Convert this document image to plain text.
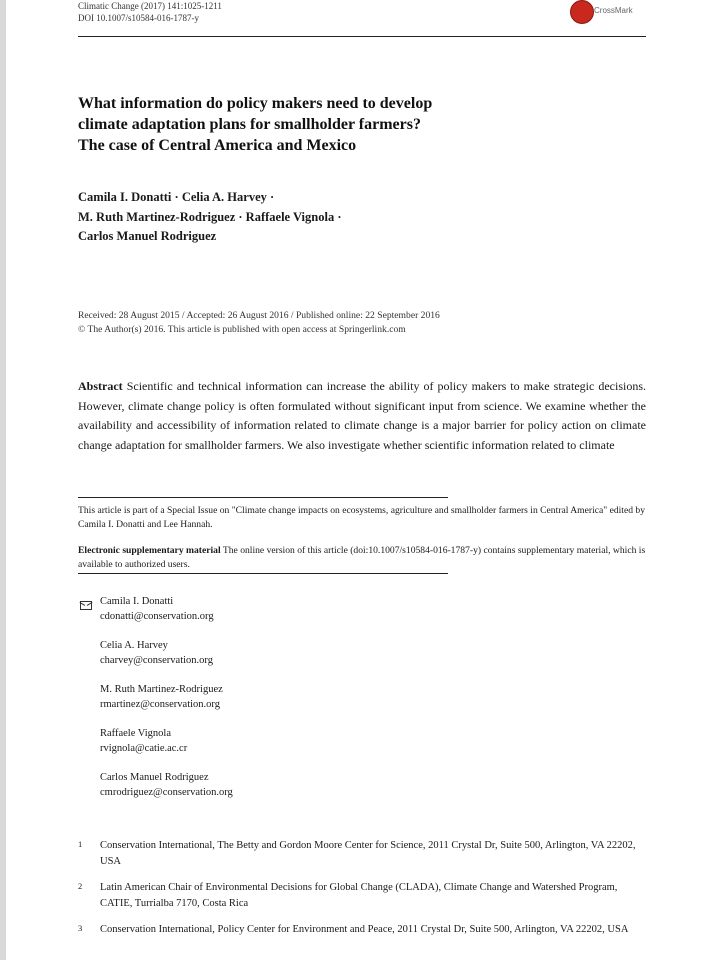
Climatic Change (2017) 141:1025-1211
DOI 10.1007/s10584-016-1787-y
CrossMark
What information do policy makers need to develop
climate adaptation plans for smallholder farmers?
The case of Central America and Mexico

Camila I. Donatti · Celia A. Harvey ·
M. Ruth Martinez-Rodriguez · Raffaele Vignola ·
Carlos Manuel Rodriguez

Received: 28 August 2015 / Accepted: 26 August 2016 / Published online: 22 September 2016
© The Author(s) 2016. This article is published with open access at Springerlink.com

Abstract Scientific and technical information can increase the ability of policy makers to make strategic decisions. However, climate change policy is often formulated without significant input from science. We examine whether the availability and accessibility of information related to climate change is a major barrier for policy action on climate change adaptation for smallholder farmers. We also investigate whether scientific information related to climate

This article is part of a Special Issue on "Climate change impacts on ecosystems, agriculture and smallholder farmers in Central America" edited by Camila I. Donatti and Lee Hannah.
Electronic supplementary material The online version of this article (doi:10.1007/s10584-016-1787-y) contains supplementary material, which is available to authorized users.
Camila I. Donatti
cdonatti@conservation.org
Celia A. Harvey
charvey@conservation.org
M. Ruth Martinez-Rodriguez
rmartinez@conservation.org
Raffaele Vignola
rvignola@catie.ac.cr
Carlos Manuel Rodriguez
cmrodriguez@conservation.org
1	Conservation International, The Betty and Gordon Moore Center for Science, 2011 Crystal Dr, Suite 500, Arlington, VA 22202, USA
2	Latin American Chair of Environmental Decisions for Global Change (CLADA), Climate Change and Watershed Program, CATIE, Turrialba 7170, Costa Rica
3	Conservation International, Policy Center for Environment and Peace, 2011 Crystal Dr, Suite 500, Arlington, VA 22202, USA
